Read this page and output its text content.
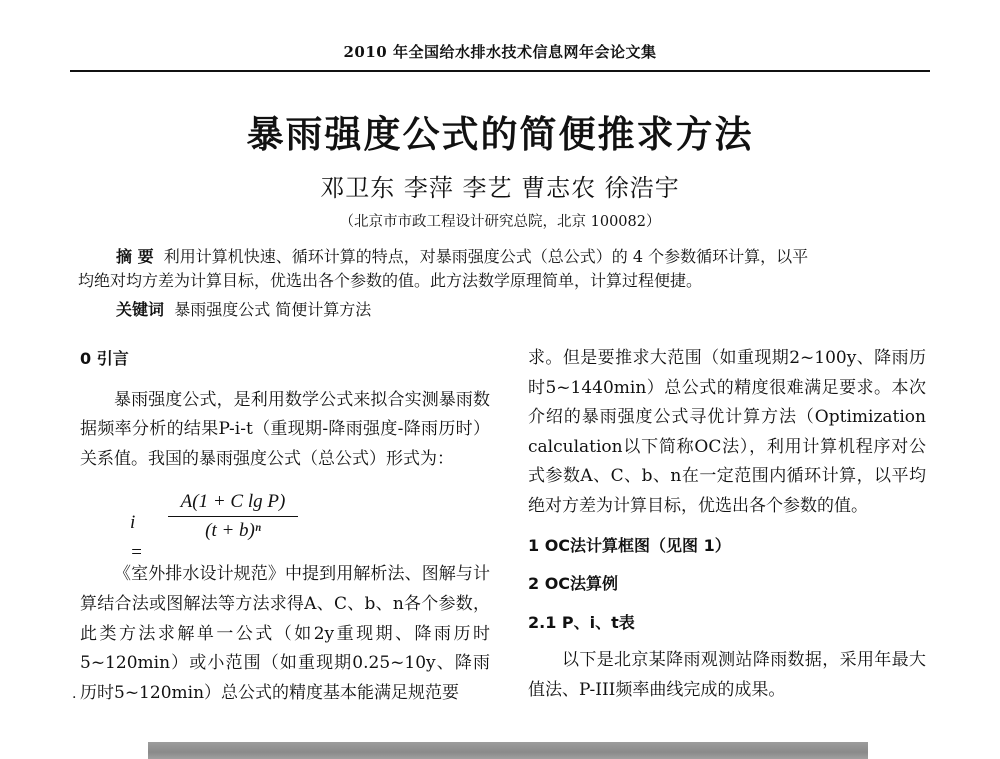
2010 年全国给水排水技术信息网年会论文集
暴雨强度公式的简便推求方法
邓卫东 李萍 李艺 曹志农 徐浩宇
（北京市市政工程设计研究总院，北京 100082）
摘 要 利用计算机快速、循环计算的特点，对暴雨强度公式（总公式）的 4 个参数循环计算，以平
均绝对均方差为计算目标，优选出各个参数的值。此方法数学原理简单，计算过程便捷。
关键词 暴雨强度公式 简便计算方法
0 引言
暴雨强度公式，是利用数学公式来拟合实测暴雨数据频率分析的结果P-i-t（重现期-降雨强度-降雨历时）关系值。我国的暴雨强度公式（总公式）形式为：
i =
A(1 + C lg P)
(t + b)ⁿ
《室外排水设计规范》中提到用解析法、图解与计算结合法或图解法等方法求得A、C、b、n各个参数，此类方法求解单一公式（如2y重现期、降雨历时5~120min）或小范围（如重现期0.25~10y、降雨历时5~120min）总公式的精度基本能满足规范要
求。但是要推求大范围（如重现期2~100y、降雨历时5~1440min）总公式的精度很难满足要求。本次介绍的暴雨强度公式寻优计算方法（Optimization calculation以下简称OC法），利用计算机程序对公式参数A、C、b、n在一定范围内循环计算，以平均绝对方差为计算目标，优选出各个参数的值。
1 OC法计算框图（见图 1）
2 OC法算例
2.1 P、i、t表
以下是北京某降雨观测站降雨数据，采用年最大值法、P-III频率曲线完成的成果。
.
